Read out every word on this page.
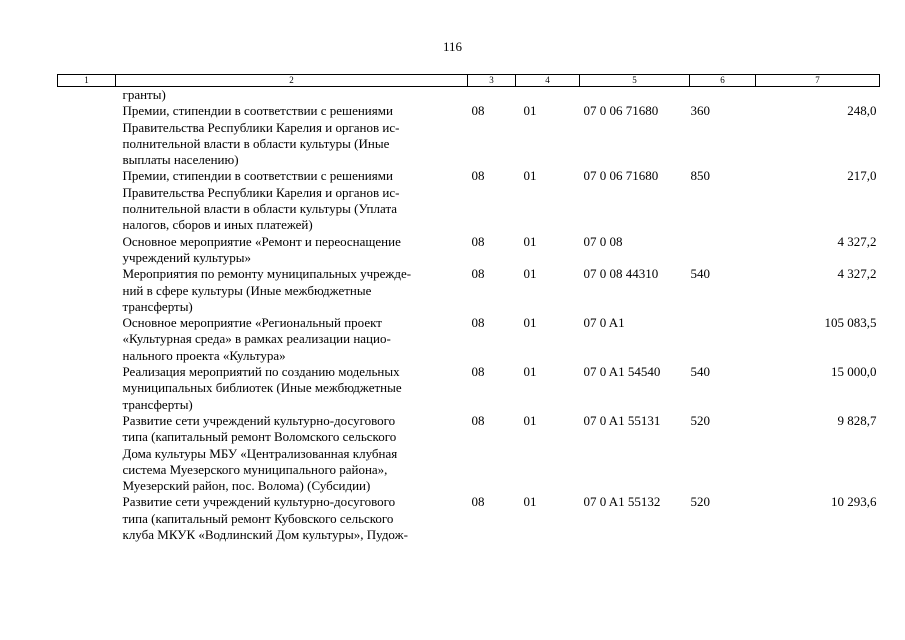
116
1	2	3	4	5	6	7
	гранты)					

	Премии, стипендии в соответствии с решениями
Правительства Республики Карелия и органов ис-
полнительной власти в области культуры (Иные
выплаты населению)	08	01	07 0 06 71680	360	248,0

	Премии, стипендии в соответствии с решениями
Правительства Республики Карелия и органов ис-
полнительной власти в области культуры (Уплата
налогов, сборов и иных платежей)	08	01	07 0 06 71680	850	217,0

	Основное мероприятие «Ремонт и переоснащение
учреждений культуры»	08	01	07 0 08		4 327,2

	Мероприятия по ремонту муниципальных учрежде-
ний в сфере культуры (Иные межбюджетные
трансферты)	08	01	07 0 08 44310	540	4 327,2

	Основное мероприятие «Региональный проект
«Культурная среда» в рамках реализации нацио-
нального проекта «Культура»	08	01	07 0 A1		105 083,5

	Реализация мероприятий по созданию модельных
муниципальных библиотек (Иные межбюджетные
трансферты)	08	01	07 0 A1 54540	540	15 000,0

	Развитие сети учреждений культурно-досугового
типа (капитальный ремонт Воломского сельского
Дома культуры МБУ «Централизованная клубная
система Муезерского муниципального района»,
Муезерский район, пос. Волома) (Субсидии)	08	01	07 0 A1 55131	520	9 828,7

	Развитие сети учреждений культурно-досугового
типа (капитальный ремонт Кубовского сельского
клуба МКУК «Водлинский Дом культуры», Пудож-	08	01	07 0 A1 55132	520	10 293,6
